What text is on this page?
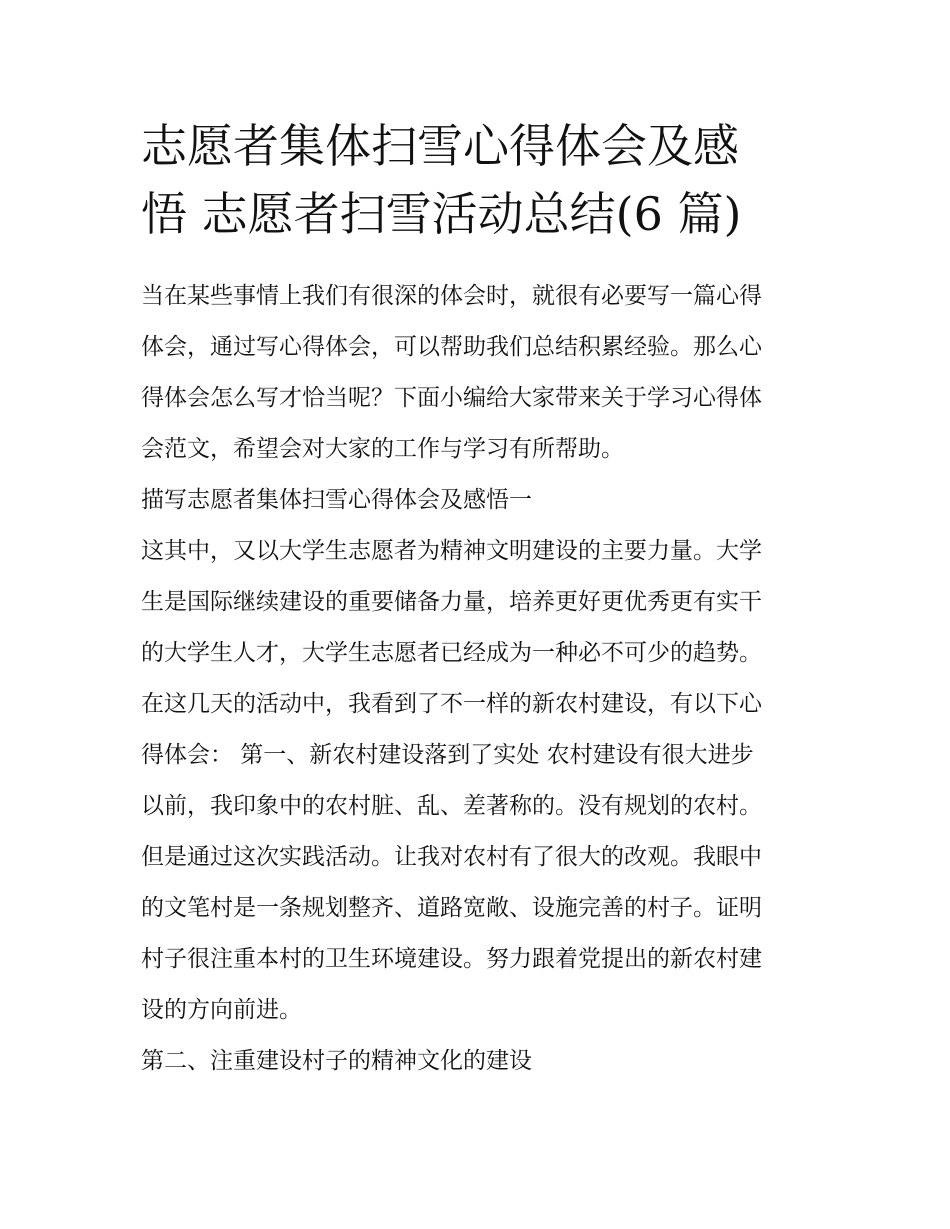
志愿者集体扫雪心得体会及感
悟 志愿者扫雪活动总结(6 篇)

当在某些事情上我们有很深的体会时，就很有必要写一篇心得
体会，通过写心得体会，可以帮助我们总结积累经验。那么心
得体会怎么写才恰当呢？下面小编给大家带来关于学习心得体
会范文，希望会对大家的工作与学习有所帮助。

描写志愿者集体扫雪心得体会及感悟一

这其中，又以大学生志愿者为精神文明建设的主要力量。大学
生是国际继续建设的重要储备力量，培养更好更优秀更有实干
的大学生人才，大学生志愿者已经成为一种必不可少的趋势。
在这几天的活动中，我看到了不一样的新农村建设，有以下心
得体会： 第一、新农村建设落到了实处 农村建设有很大进步
以前，我印象中的农村脏、乱、差著称的。没有规划的农村。
但是通过这次实践活动。让我对农村有了很大的改观。我眼中
的文笔村是一条规划整齐、道路宽敞、设施完善的村子。证明
村子很注重本村的卫生环境建设。努力跟着党提出的新农村建
设的方向前进。

第二、注重建设村子的精神文化的建设
